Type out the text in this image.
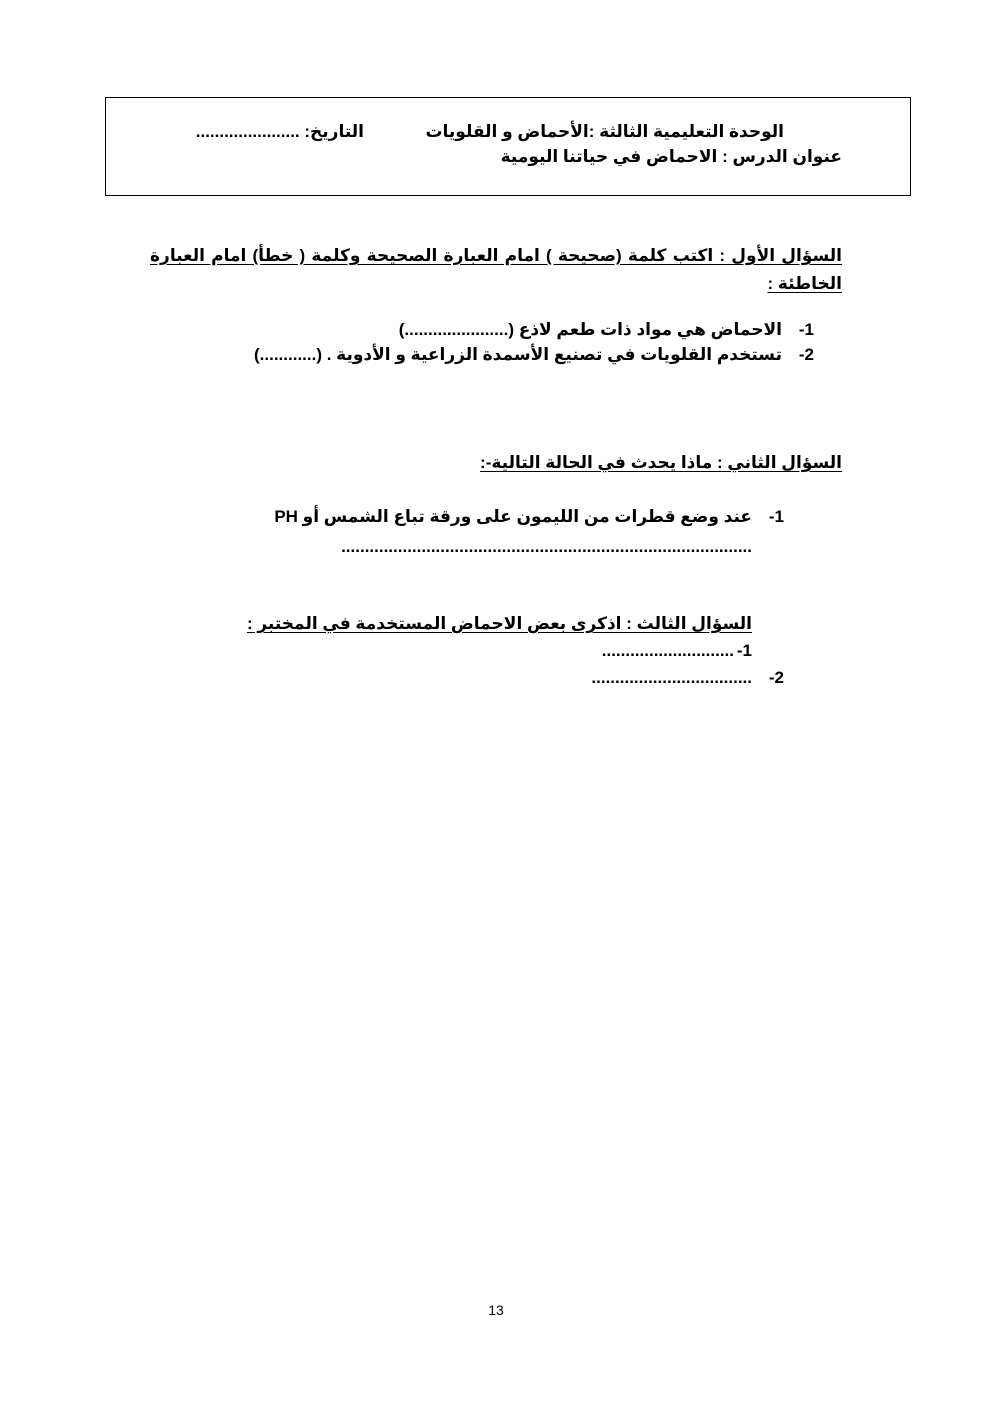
الوحدة التعليمية الثالثة :الأحماض و القلويات
التاريخ: ......................
عنوان الدرس : الاحماض في حياتنا اليومية
السؤال الأول : اكتب كلمة (صحيحة ) امام العبارة الصحيحة وكلمة ( خطأ) امام العبارة
الخاطئة :
1-
الاحماض هي مواد ذات طعم لاذع (......................)
2-
تستخدم القلويات في تصنيع الأسمدة الزراعية و الأدوية . (............)
السؤال الثاني : ماذا يحدث في الحالة التالية-:
1-
عند وضع قطرات من الليمون على ورقة تباع الشمس أو PH
.......................................................................................
السؤال الثالث : اذكرى بعض الاحماض المستخدمة في المختبر :
1-
............................
2-
..................................
13
